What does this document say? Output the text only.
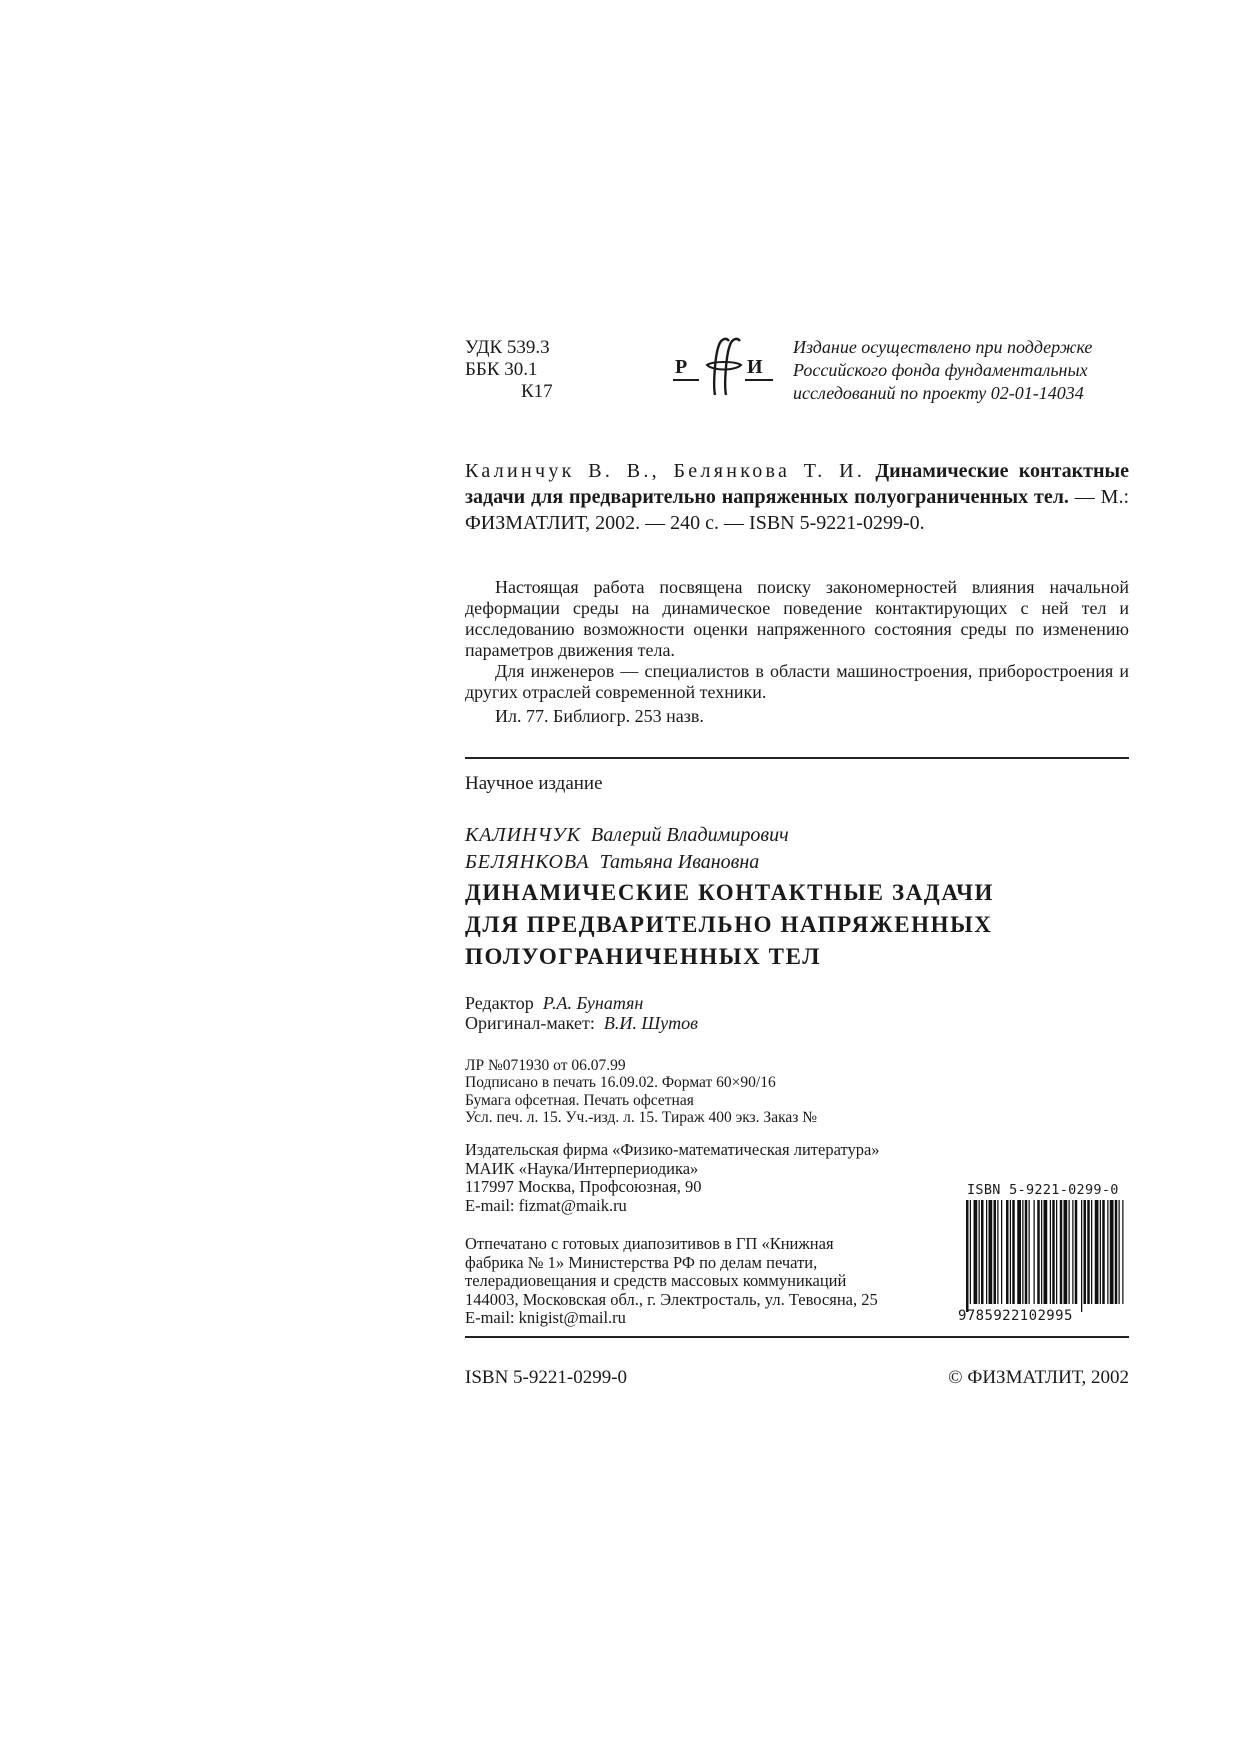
УДК 539.3
ББК 30.1
К17
Р	И
Издание осуществлено при поддержке
Российского фонда фундаментальных
исследований по проекту 02-01-14034
Калинчук В. В., Белянкова Т. И. Динамические контактные задачи для предварительно напряженных полуограниченных тел. — М.: ФИЗМАТЛИТ, 2002. — 240 с. — ISBN 5-9221-0299-0.

Настоящая работа посвящена поиску закономерностей влияния начальной деформации среды на динамическое поведение контактирующих с ней тел и исследованию возможности оценки напряженного состояния среды по изменению параметров движения тела.

Для инженеров — специалистов в области машиностроения, приборостроения и других отраслей современной техники.

Ил. 77. Библиогр. 253 назв.

Научное издание
КАЛИНЧУК Валерий Владимирович
БЕЛЯНКОВА Татьяна Ивановна
ДИНАМИЧЕСКИЕ КОНТАКТНЫЕ ЗАДАЧИ
ДЛЯ ПРЕДВАРИТЕЛЬНО НАПРЯЖЕННЫХ
ПОЛУОГРАНИЧЕННЫХ ТЕЛ
Редактор Р.А. Бунатян
Оригинал-макет: В.И. Шутов
ЛР №071930 от 06.07.99
Подписано в печать 16.09.02. Формат 60×90/16
Бумага офсетная. Печать офсетная
Усл. печ. л. 15. Уч.-изд. л. 15. Тираж 400 экз. Заказ №
Издательская фирма «Физико-математическая литература»
МАИК «Наука/Интерпериодика»
117997 Москва, Профсоюзная, 90
E-mail: fizmat@maik.ru
Отпечатано с готовых диапозитивов в ГП «Книжная
фабрика № 1» Министерства РФ по делам печати,
телерадиовещания и средств массовых коммуникаций
144003, Московская обл., г. Электросталь, ул. Тевосяна, 25
E-mail: knigist@mail.ru
ISBN 5-9221-0299-0
9785922102995
ISBN 5-9221-0299-0	© ФИЗМАТЛИТ, 2002
